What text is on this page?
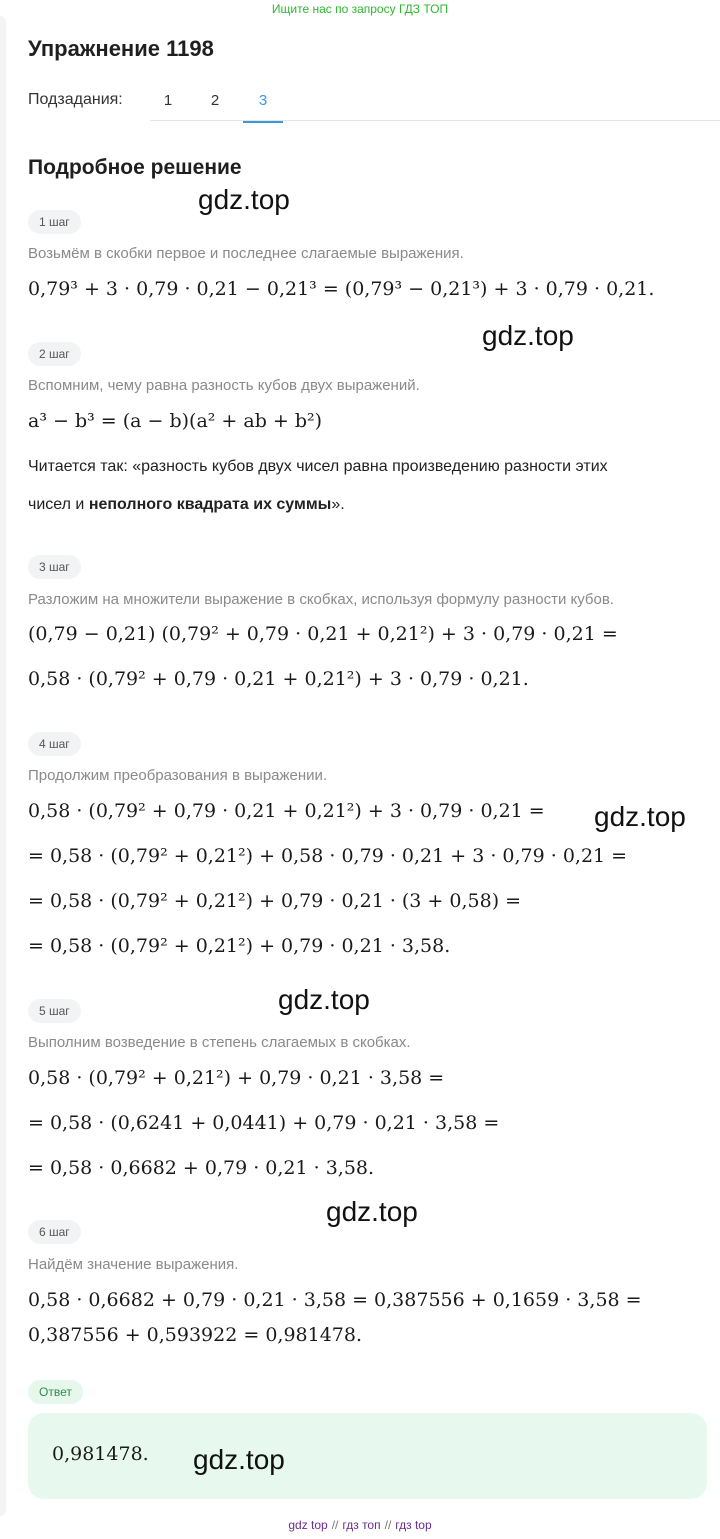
Ищите нас по запросу ГДЗ ТОП
Упражнение 1198
Подзадания:	1	2	3
Подробное решение
1 шаг
Возьмём в скобки первое и последнее слагаемые выражения.
0,79³ + 3 · 0,79 · 0,21 − 0,21³ = (0,79³ − 0,21³) + 3 · 0,79 · 0,21.
2 шаг
Вспомним, чему равна разность кубов двух выражений.
a³ − b³ = (a − b)(a² + ab + b²)
Читается так: «разность кубов двух чисел равна произведению разности этих
чисел и неполного квадрата их суммы».
3 шаг
Разложим на множители выражение в скобках, используя формулу разности кубов.
(0,79 − 0,21) (0,79² + 0,79 · 0,21 + 0,21²) + 3 · 0,79 · 0,21 =
0,58 · (0,79² + 0,79 · 0,21 + 0,21²) + 3 · 0,79 · 0,21.
4 шаг
Продолжим преобразования в выражении.
0,58 · (0,79² + 0,79 · 0,21 + 0,21²) + 3 · 0,79 · 0,21 =
= 0,58 · (0,79² + 0,21²) + 0,58 · 0,79 · 0,21 + 3 · 0,79 · 0,21 =
= 0,58 · (0,79² + 0,21²) + 0,79 · 0,21 · (3 + 0,58) =
= 0,58 · (0,79² + 0,21²) + 0,79 · 0,21 · 3,58.
5 шаг
Выполним возведение в степень слагаемых в скобках.
0,58 · (0,79² + 0,21²) + 0,79 · 0,21 · 3,58 =
= 0,58 · (0,6241 + 0,0441) + 0,79 · 0,21 · 3,58 =
= 0,58 · 0,6682 + 0,79 · 0,21 · 3,58.
6 шаг
Найдём значение выражения.
0,58 · 0,6682 + 0,79 · 0,21 · 3,58 = 0,387556 + 0,1659 · 3,58 =
0,387556 + 0,593922 = 0,981478.
Ответ
0,981478.
gdz.top
gdz.top
gdz.top
gdz.top
gdz.top
gdz.top
gdz top // гдз топ // гдз top
